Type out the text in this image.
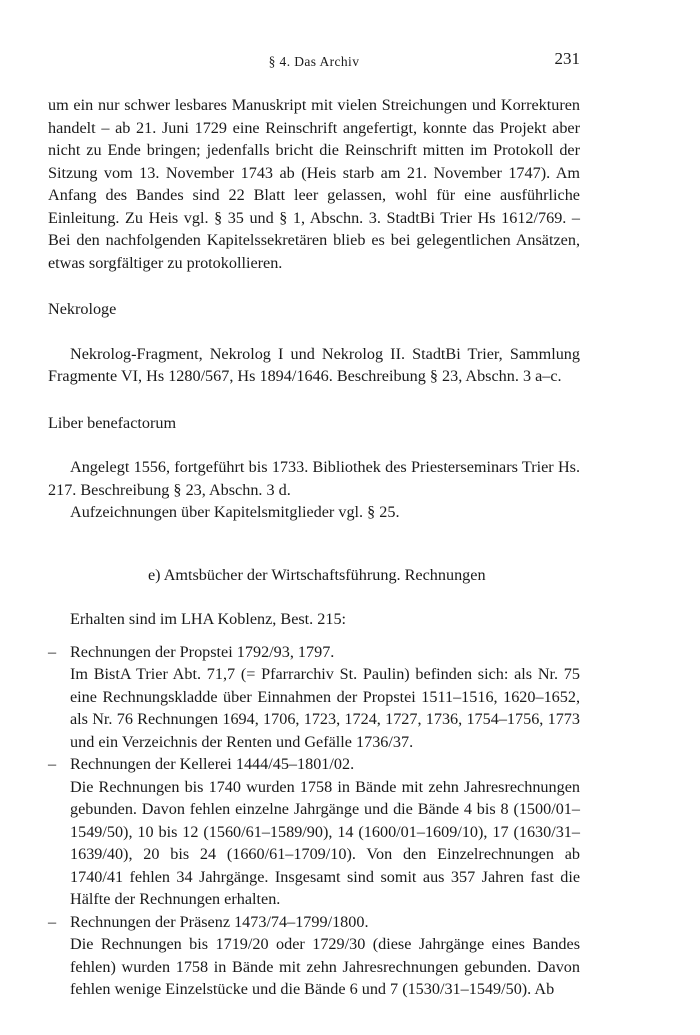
§ 4. Das Archiv	231

um ein nur schwer lesbares Manuskript mit vielen Streichungen und Korrekturen handelt – ab 21. Juni 1729 eine Reinschrift angefertigt, konnte das Projekt aber nicht zu Ende bringen; jedenfalls bricht die Reinschrift mitten im Protokoll der Sitzung vom 13. November 1743 ab (Heis starb am 21. November 1747). Am Anfang des Bandes sind 22 Blatt leer gelassen, wohl für eine ausführliche Einleitung. Zu Heis vgl. § 35 und § 1, Abschn. 3. StadtBi Trier Hs 1612/769. – Bei den nachfolgenden Kapitelssekretären blieb es bei gelegentlichen Ansätzen, etwas sorgfältiger zu protokollieren.

Nekrologe

Nekrolog-Fragment, Nekrolog I und Nekrolog II. StadtBi Trier, Sammlung Fragmente VI, Hs 1280/567, Hs 1894/1646. Beschreibung § 23, Abschn. 3 a–c.

Liber benefactorum

Angelegt 1556, fortgeführt bis 1733. Bibliothek des Priesterseminars Trier Hs. 217. Beschreibung § 23, Abschn. 3 d.

Aufzeichnungen über Kapitelsmitglieder vgl. § 25.

e) Amtsbücher der Wirtschaftsführung. Rechnungen

Erhalten sind im LHA Koblenz, Best. 215:

– Rechnungen der Propstei 1792/93, 1797.
Im BistA Trier Abt. 71,7 (= Pfarrarchiv St. Paulin) befinden sich: als Nr. 75 eine Rechnungskladde über Einnahmen der Propstei 1511–1516, 1620–1652, als Nr. 76 Rechnungen 1694, 1706, 1723, 1724, 1727, 1736, 1754–1756, 1773 und ein Verzeichnis der Renten und Gefälle 1736/37.
– Rechnungen der Kellerei 1444/45–1801/02.
Die Rechnungen bis 1740 wurden 1758 in Bände mit zehn Jahresrechnungen gebunden. Davon fehlen einzelne Jahrgänge und die Bände 4 bis 8 (1500/01–1549/50), 10 bis 12 (1560/61–1589/90), 14 (1600/01–1609/10), 17 (1630/31–1639/40), 20 bis 24 (1660/61–1709/10). Von den Einzelrechnungen ab 1740/41 fehlen 34 Jahrgänge. Insgesamt sind somit aus 357 Jahren fast die Hälfte der Rechnungen erhalten.
– Rechnungen der Präsenz 1473/74–1799/1800.
Die Rechnungen bis 1719/20 oder 1729/30 (diese Jahrgänge eines Bandes fehlen) wurden 1758 in Bände mit zehn Jahresrechnungen gebunden. Davon fehlen wenige Einzelstücke und die Bände 6 und 7 (1530/31–1549/50). Ab
